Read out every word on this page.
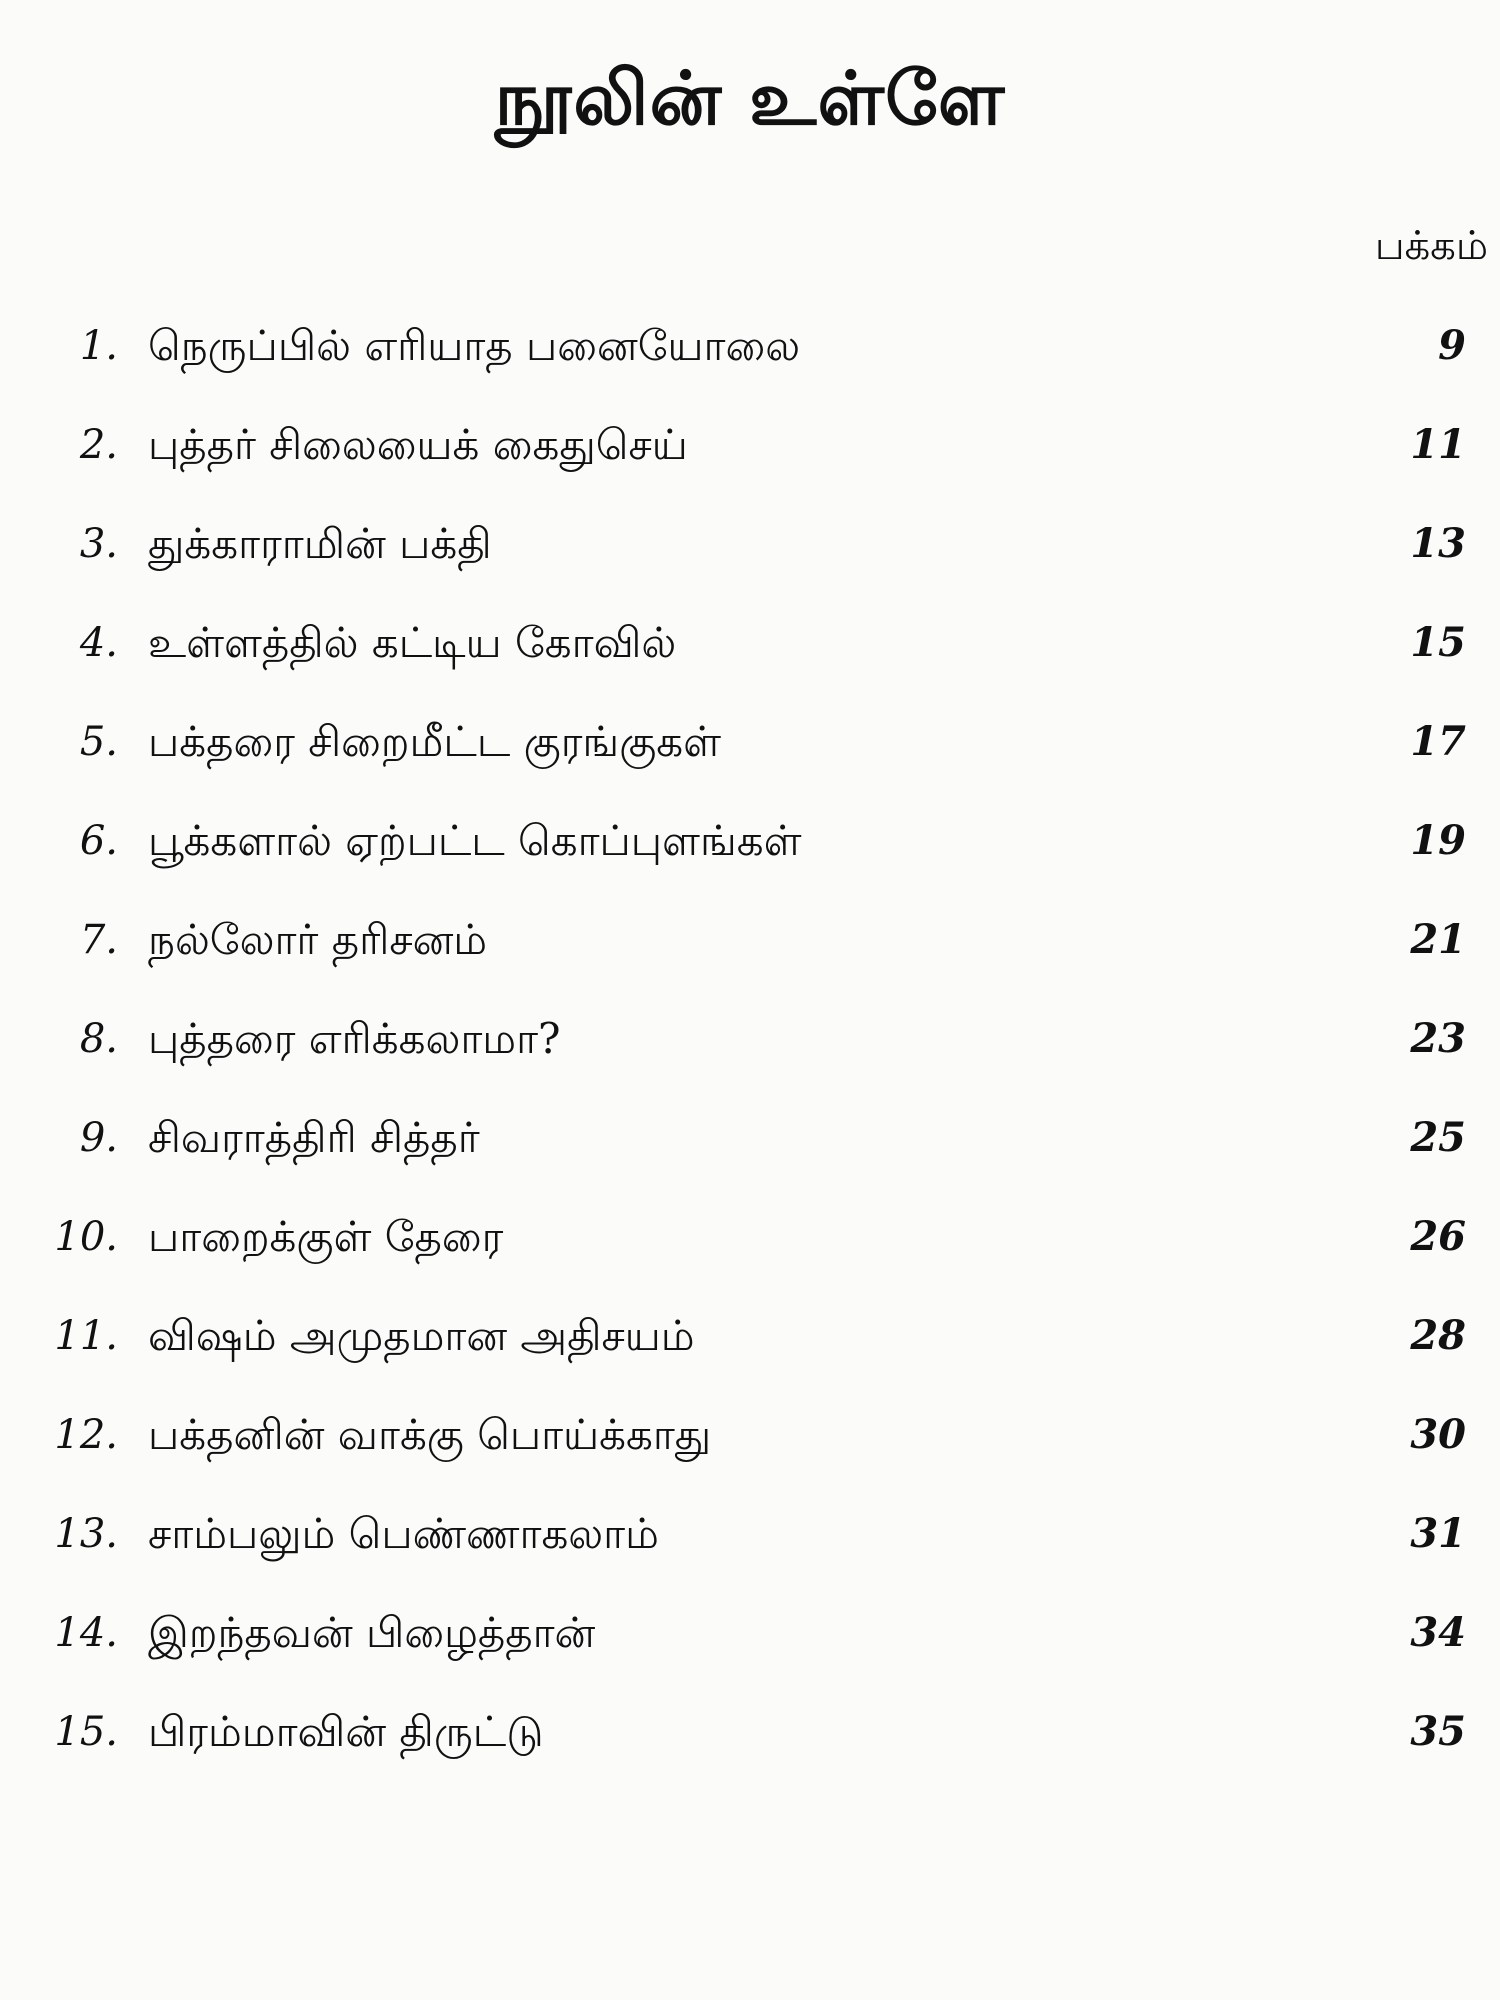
நூலின் உள்ளே
பக்கம்
1. நெருப்பில் எரியாத பனையோலை	9
2. புத்தர் சிலையைக் கைதுசெய்	11
3. துக்காராமின் பக்தி	13
4. உள்ளத்தில் கட்டிய கோவில்	15
5. பக்தரை சிறைமீட்ட குரங்குகள்	17
6. பூக்களால் ஏற்பட்ட கொப்புளங்கள்	19
7. நல்லோர் தரிசனம்	21
8. புத்தரை எரிக்கலாமா?	23
9. சிவராத்திரி சித்தர்	25
10. பாறைக்குள் தேரை	26
11. விஷம் அமுதமான அதிசயம்	28
12. பக்தனின் வாக்கு பொய்க்காது	30
13. சாம்பலும் பெண்ணாகலாம்	31
14. இறந்தவன் பிழைத்தான்	34
15. பிரம்மாவின் திருட்டு	35
